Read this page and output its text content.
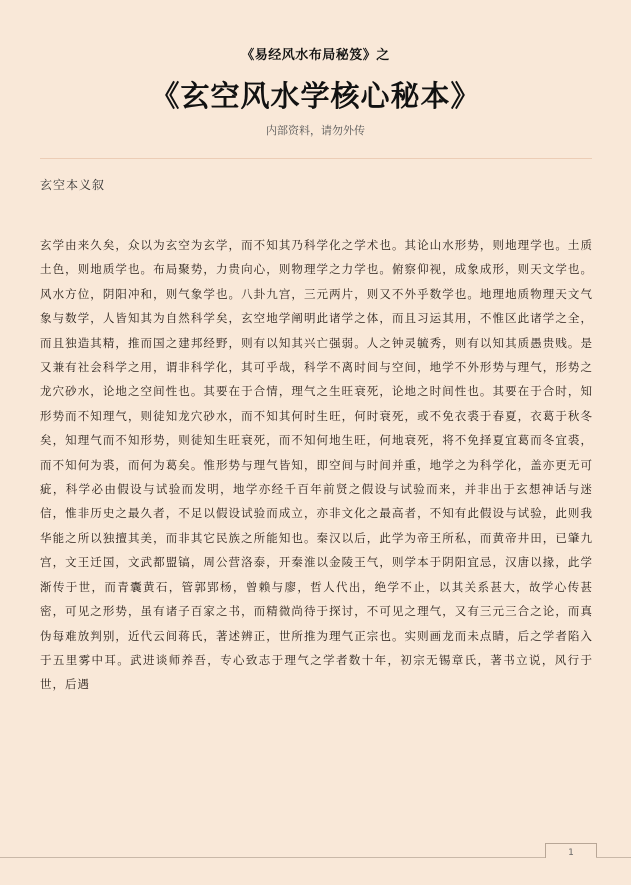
《易经风水布局秘笈》之
《玄空风水学核心秘本》
内部资料，请勿外传
玄空本义叙

玄学由来久矣，众以为玄空为玄学，而不知其乃科学化之学术也。其论山水形势，则地理学也。土质土色，则地质学也。布局聚势，力贵向心，则物理学之力学也。俯察仰视，成象成形，则天文学也。风水方位，阴阳冲和，则气象学也。八卦九宫，三元两片，则又不外乎数学也。地理地质物理天文气象与数学，人皆知其为自然科学矣，玄空地学阐明此诸学之体，而且习运其用，不惟区此诸学之全，而且独造其精，推而国之建邦经野，则有以知其兴亡强弱。人之钟灵毓秀，则有以知其质愚贵贱。是又兼有社会科学之用，谓非科学化，其可乎哉，科学不离时间与空间，地学不外形势与理气，形势之龙穴砂水，论地之空间性也。其要在于合情，理气之生旺衰死，论地之时间性也。其要在于合时，知形势而不知理气，则徒知龙穴砂水，而不知其何时生旺，何时衰死，或不免衣裘于春夏，衣葛于秋冬矣，知理气而不知形势，则徒知生旺衰死，而不知何地生旺，何地衰死，将不免择夏宜葛而冬宜裘，而不知何为裘，而何为葛矣。惟形势与理气皆知，即空间与时间并重，地学之为科学化，盖亦更无可疵，科学必由假设与试验而发明，地学亦经千百年前贤之假设与试验而来，并非出于玄想神话与迷信，惟非历史之最久者，不足以假设试验而成立，亦非文化之最高者，不知有此假设与试验，此则我华能之所以独擅其美，而非其它民族之所能知也。秦汉以后，此学为帝王所私，而黄帝井田，已肇九宫，文王迁国，文武都盟镐，周公营洛泰，开秦淮以金陵王气，则学本于阴阳宜忌，汉唐以掾，此学渐传于世，而青囊黄石，管郭郢杨，曾赖与廖，哲人代出，绝学不止，以其关系甚大，故学心传甚密，可见之形势，虽有诸子百家之书，而精微尚待于探讨，不可见之理气，又有三元三合之论，而真伪每难放判别，近代云间蒋氏，著述辨正，世所推为理气正宗也。实则画龙而未点睛，后之学者陷入于五里雾中耳。武进谈师养吾，专心致志于理气之学者数十年，初宗无锡章氏，著书立说，风行于世，后遇

1
